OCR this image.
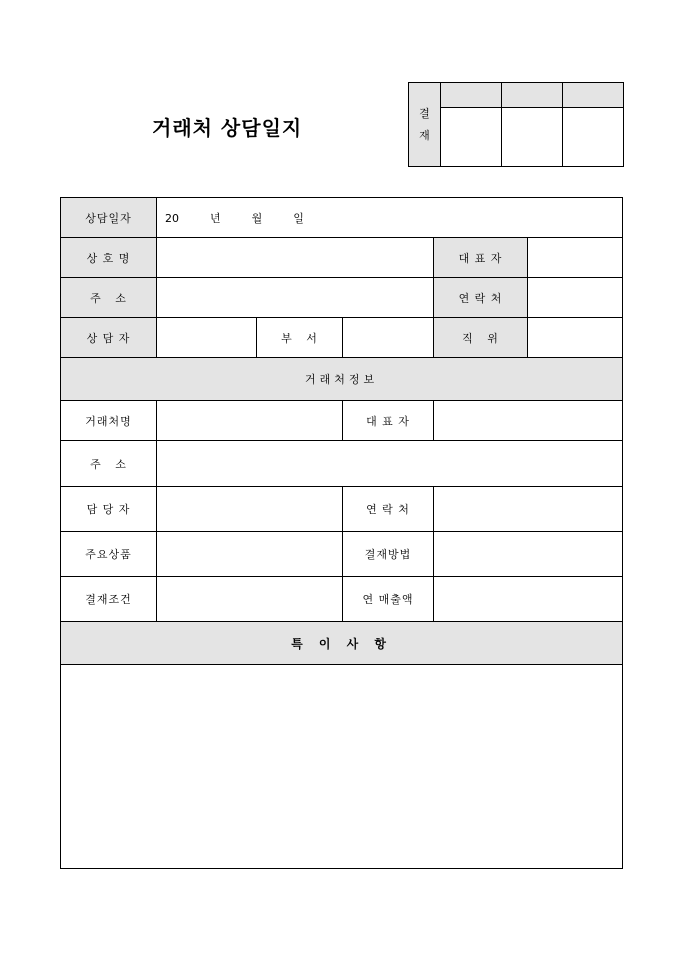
거래처 상담일지
결
재			

상담일자	20 년 월 일				
상 호 명				대 표 자	
주   소				연 락 처	
상 담 자		부   서		직   위	
거래처정보					
거래처명			대 표 자		
주   소					
담 당 자			연 락 처		
주요상품			결재방법		
결재조건			연 매출액		
특 이 사 항					
